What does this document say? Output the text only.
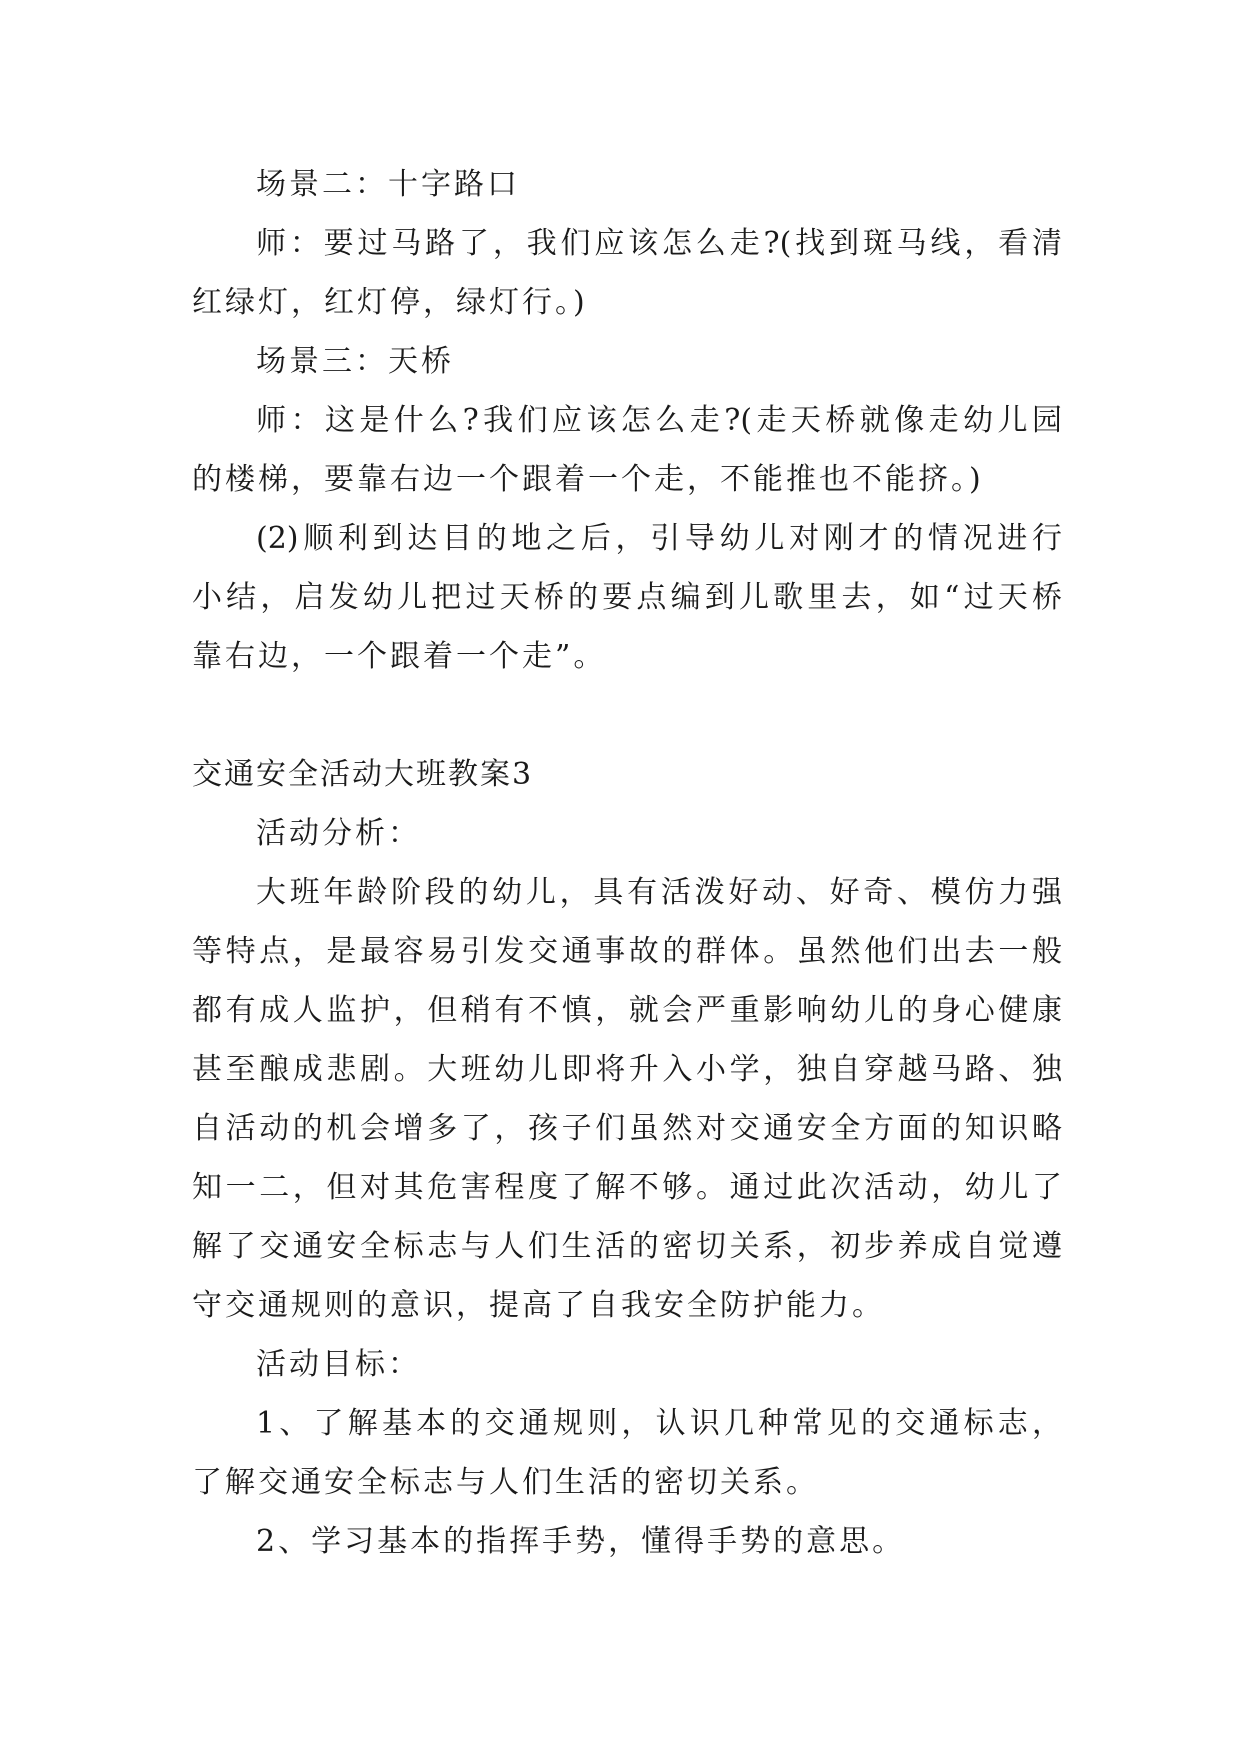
场景二：十字路口
师：要过马路了，我们应该怎么走?(找到斑马线，看清
红绿灯，红灯停，绿灯行。)
场景三：天桥
师：这是什么?我们应该怎么走?(走天桥就像走幼儿园
的楼梯，要靠右边一个跟着一个走，不能推也不能挤。)
(2)顺利到达目的地之后，引导幼儿对刚才的情况进行
小结，启发幼儿把过天桥的要点编到儿歌里去，如“过天桥
靠右边，一个跟着一个走”。
交通安全活动大班教案3
活动分析：
大班年龄阶段的幼儿，具有活泼好动、好奇、模仿力强
等特点，是最容易引发交通事故的群体。虽然他们出去一般
都有成人监护，但稍有不慎，就会严重影响幼儿的身心健康
甚至酿成悲剧。大班幼儿即将升入小学，独自穿越马路、独
自活动的机会增多了，孩子们虽然对交通安全方面的知识略
知一二，但对其危害程度了解不够。通过此次活动，幼儿了
解了交通安全标志与人们生活的密切关系，初步养成自觉遵
守交通规则的意识，提高了自我安全防护能力。
活动目标：
1、了解基本的交通规则，认识几种常见的交通标志，
了解交通安全标志与人们生活的密切关系。
2、学习基本的指挥手势，懂得手势的意思。
